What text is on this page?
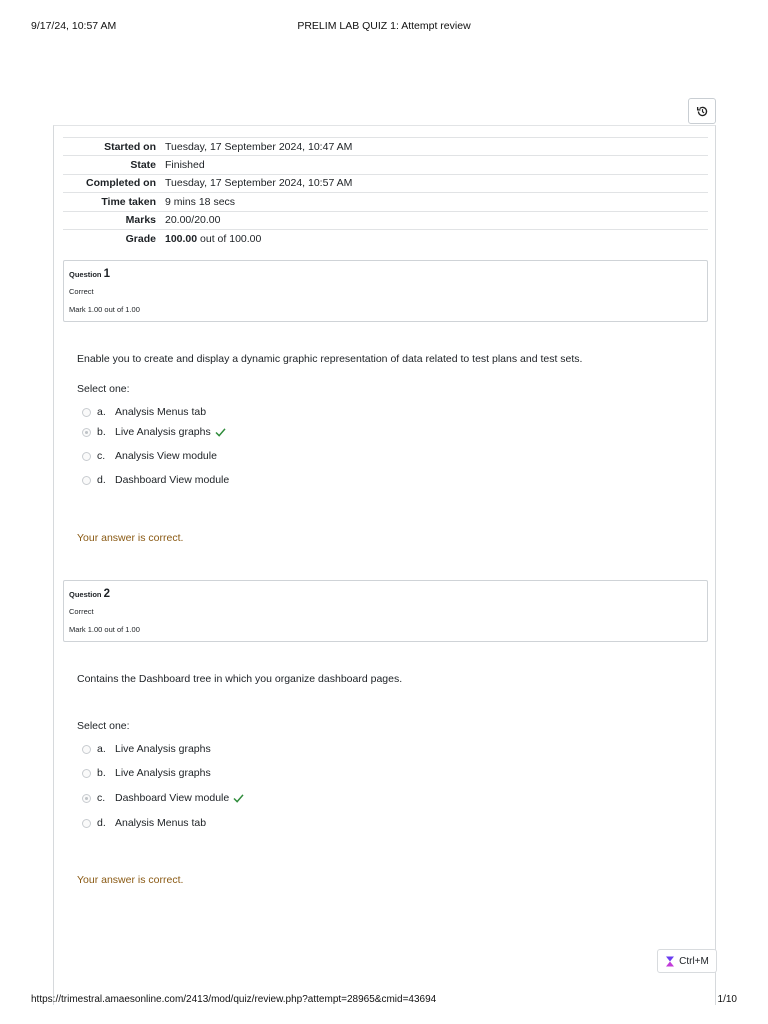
9/17/24, 10:57 AM	PRELIM LAB QUIZ 1: Attempt review
Started on	Tuesday, 17 September 2024, 10:47 AM
State	Finished
Completed on	Tuesday, 17 September 2024, 10:57 AM
Time taken	9 mins 18 secs
Marks	20.00/20.00
Grade	100.00 out of 100.00
Question 1
Correct
Mark 1.00 out of 1.00
Enable you to create and display a dynamic graphic representation of data related to test plans and test sets.
Select one:
a. Analysis Menus tab
b. Live Analysis graphs
c. Analysis View module
d. Dashboard View module
Your answer is correct.
Question 2
Correct
Mark 1.00 out of 1.00
Contains the Dashboard tree in which you organize dashboard pages.
Select one:
a. Live Analysis graphs
b. Live Analysis graphs
c. Dashboard View module
d. Analysis Menus tab
Your answer is correct.
Ctrl+M
https://trimestral.amaesonline.com/2413/mod/quiz/review.php?attempt=28965&cmid=43694	1/10
